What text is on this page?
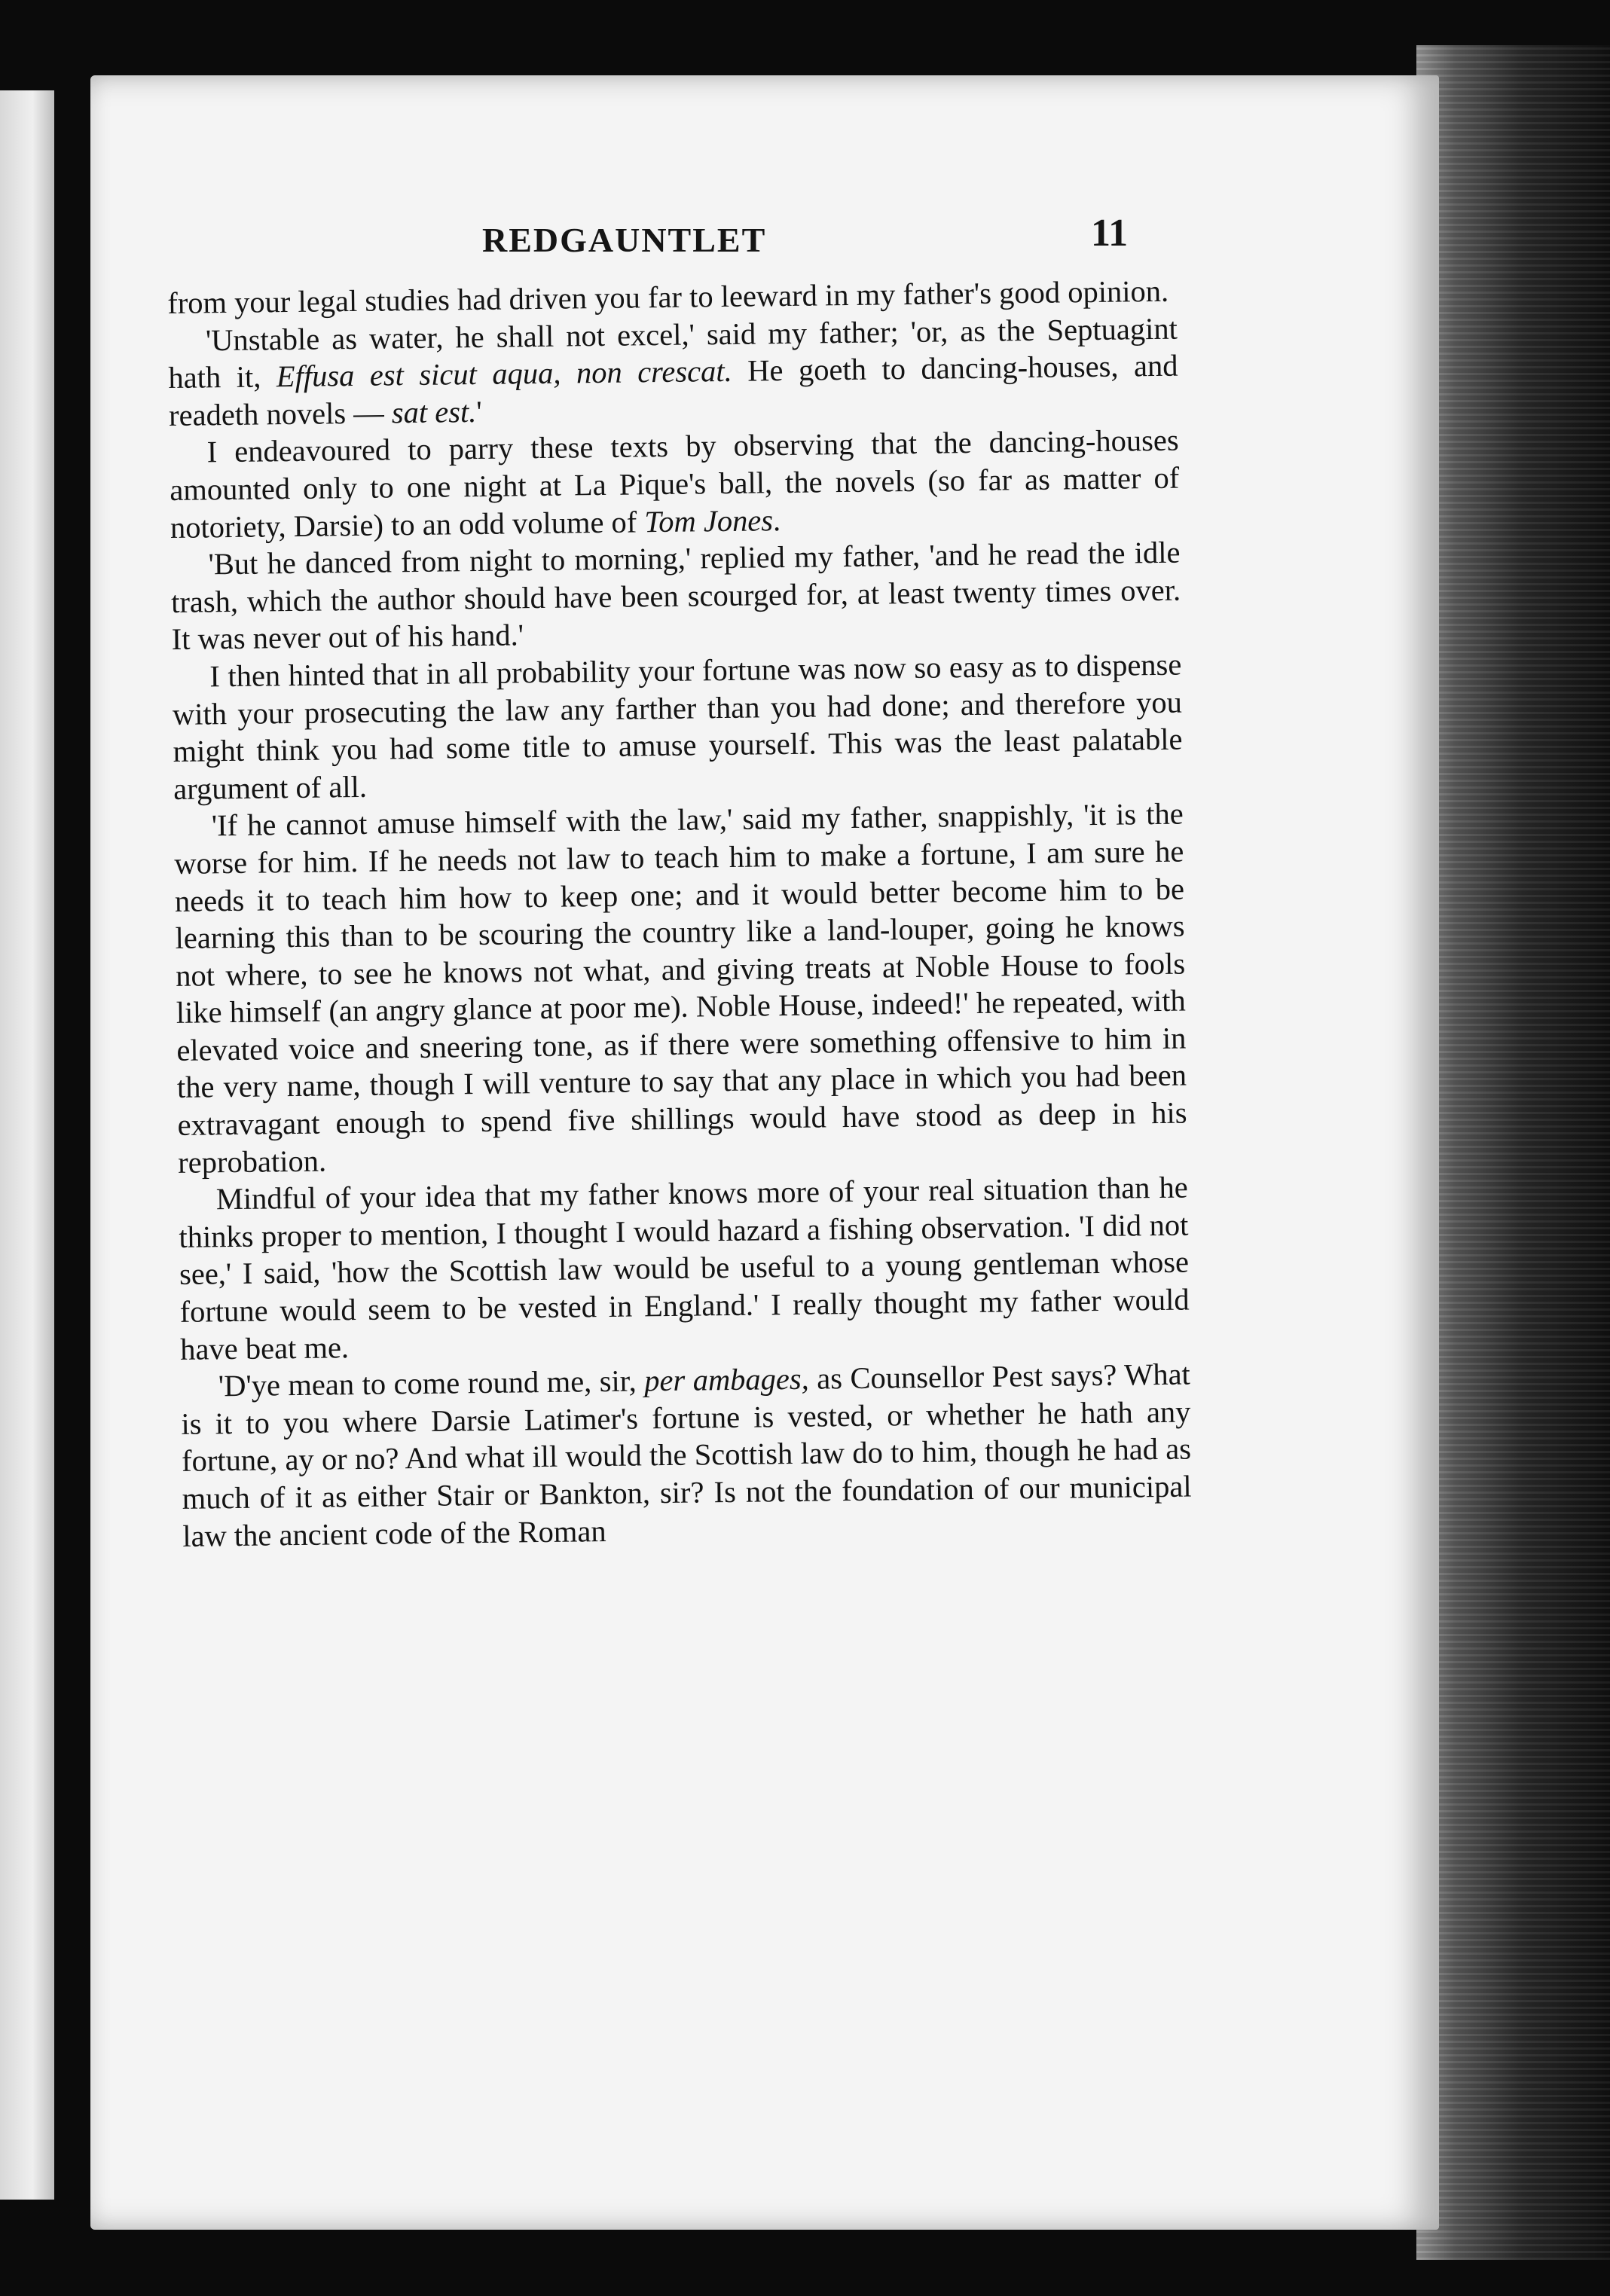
REDGAUNTLET	11

from your legal studies had driven you far to leeward in my father's good opinion.

'Unstable as water, he shall not excel,' said my father; 'or, as the Septuagint hath it, Effusa est sicut aqua, non crescat. He goeth to dancing-houses, and readeth novels — sat est.'

I endeavoured to parry these texts by observing that the dancing-houses amounted only to one night at La Pique's ball, the novels (so far as matter of notoriety, Darsie) to an odd volume of Tom Jones.

'But he danced from night to morning,' replied my father, 'and he read the idle trash, which the author should have been scourged for, at least twenty times over. It was never out of his hand.'

I then hinted that in all probability your fortune was now so easy as to dispense with your prosecuting the law any farther than you had done; and therefore you might think you had some title to amuse yourself. This was the least palatable argument of all.

'If he cannot amuse himself with the law,' said my father, snappishly, 'it is the worse for him. If he needs not law to teach him to make a fortune, I am sure he needs it to teach him how to keep one; and it would better become him to be learning this than to be scouring the country like a land-louper, going he knows not where, to see he knows not what, and giving treats at Noble House to fools like himself (an angry glance at poor me). Noble House, indeed!' he repeated, with elevated voice and sneering tone, as if there were something offensive to him in the very name, though I will venture to say that any place in which you had been extravagant enough to spend five shillings would have stood as deep in his reprobation.

Mindful of your idea that my father knows more of your real situation than he thinks proper to mention, I thought I would hazard a fishing observation. 'I did not see,' I said, 'how the Scottish law would be useful to a young gentleman whose fortune would seem to be vested in England.' I really thought my father would have beat me.

'D'ye mean to come round me, sir, per ambages, as Counsellor Pest says? What is it to you where Darsie Latimer's fortune is vested, or whether he hath any fortune, ay or no? And what ill would the Scottish law do to him, though he had as much of it as either Stair or Bankton, sir? Is not the foundation of our municipal law the ancient code of the Roman
